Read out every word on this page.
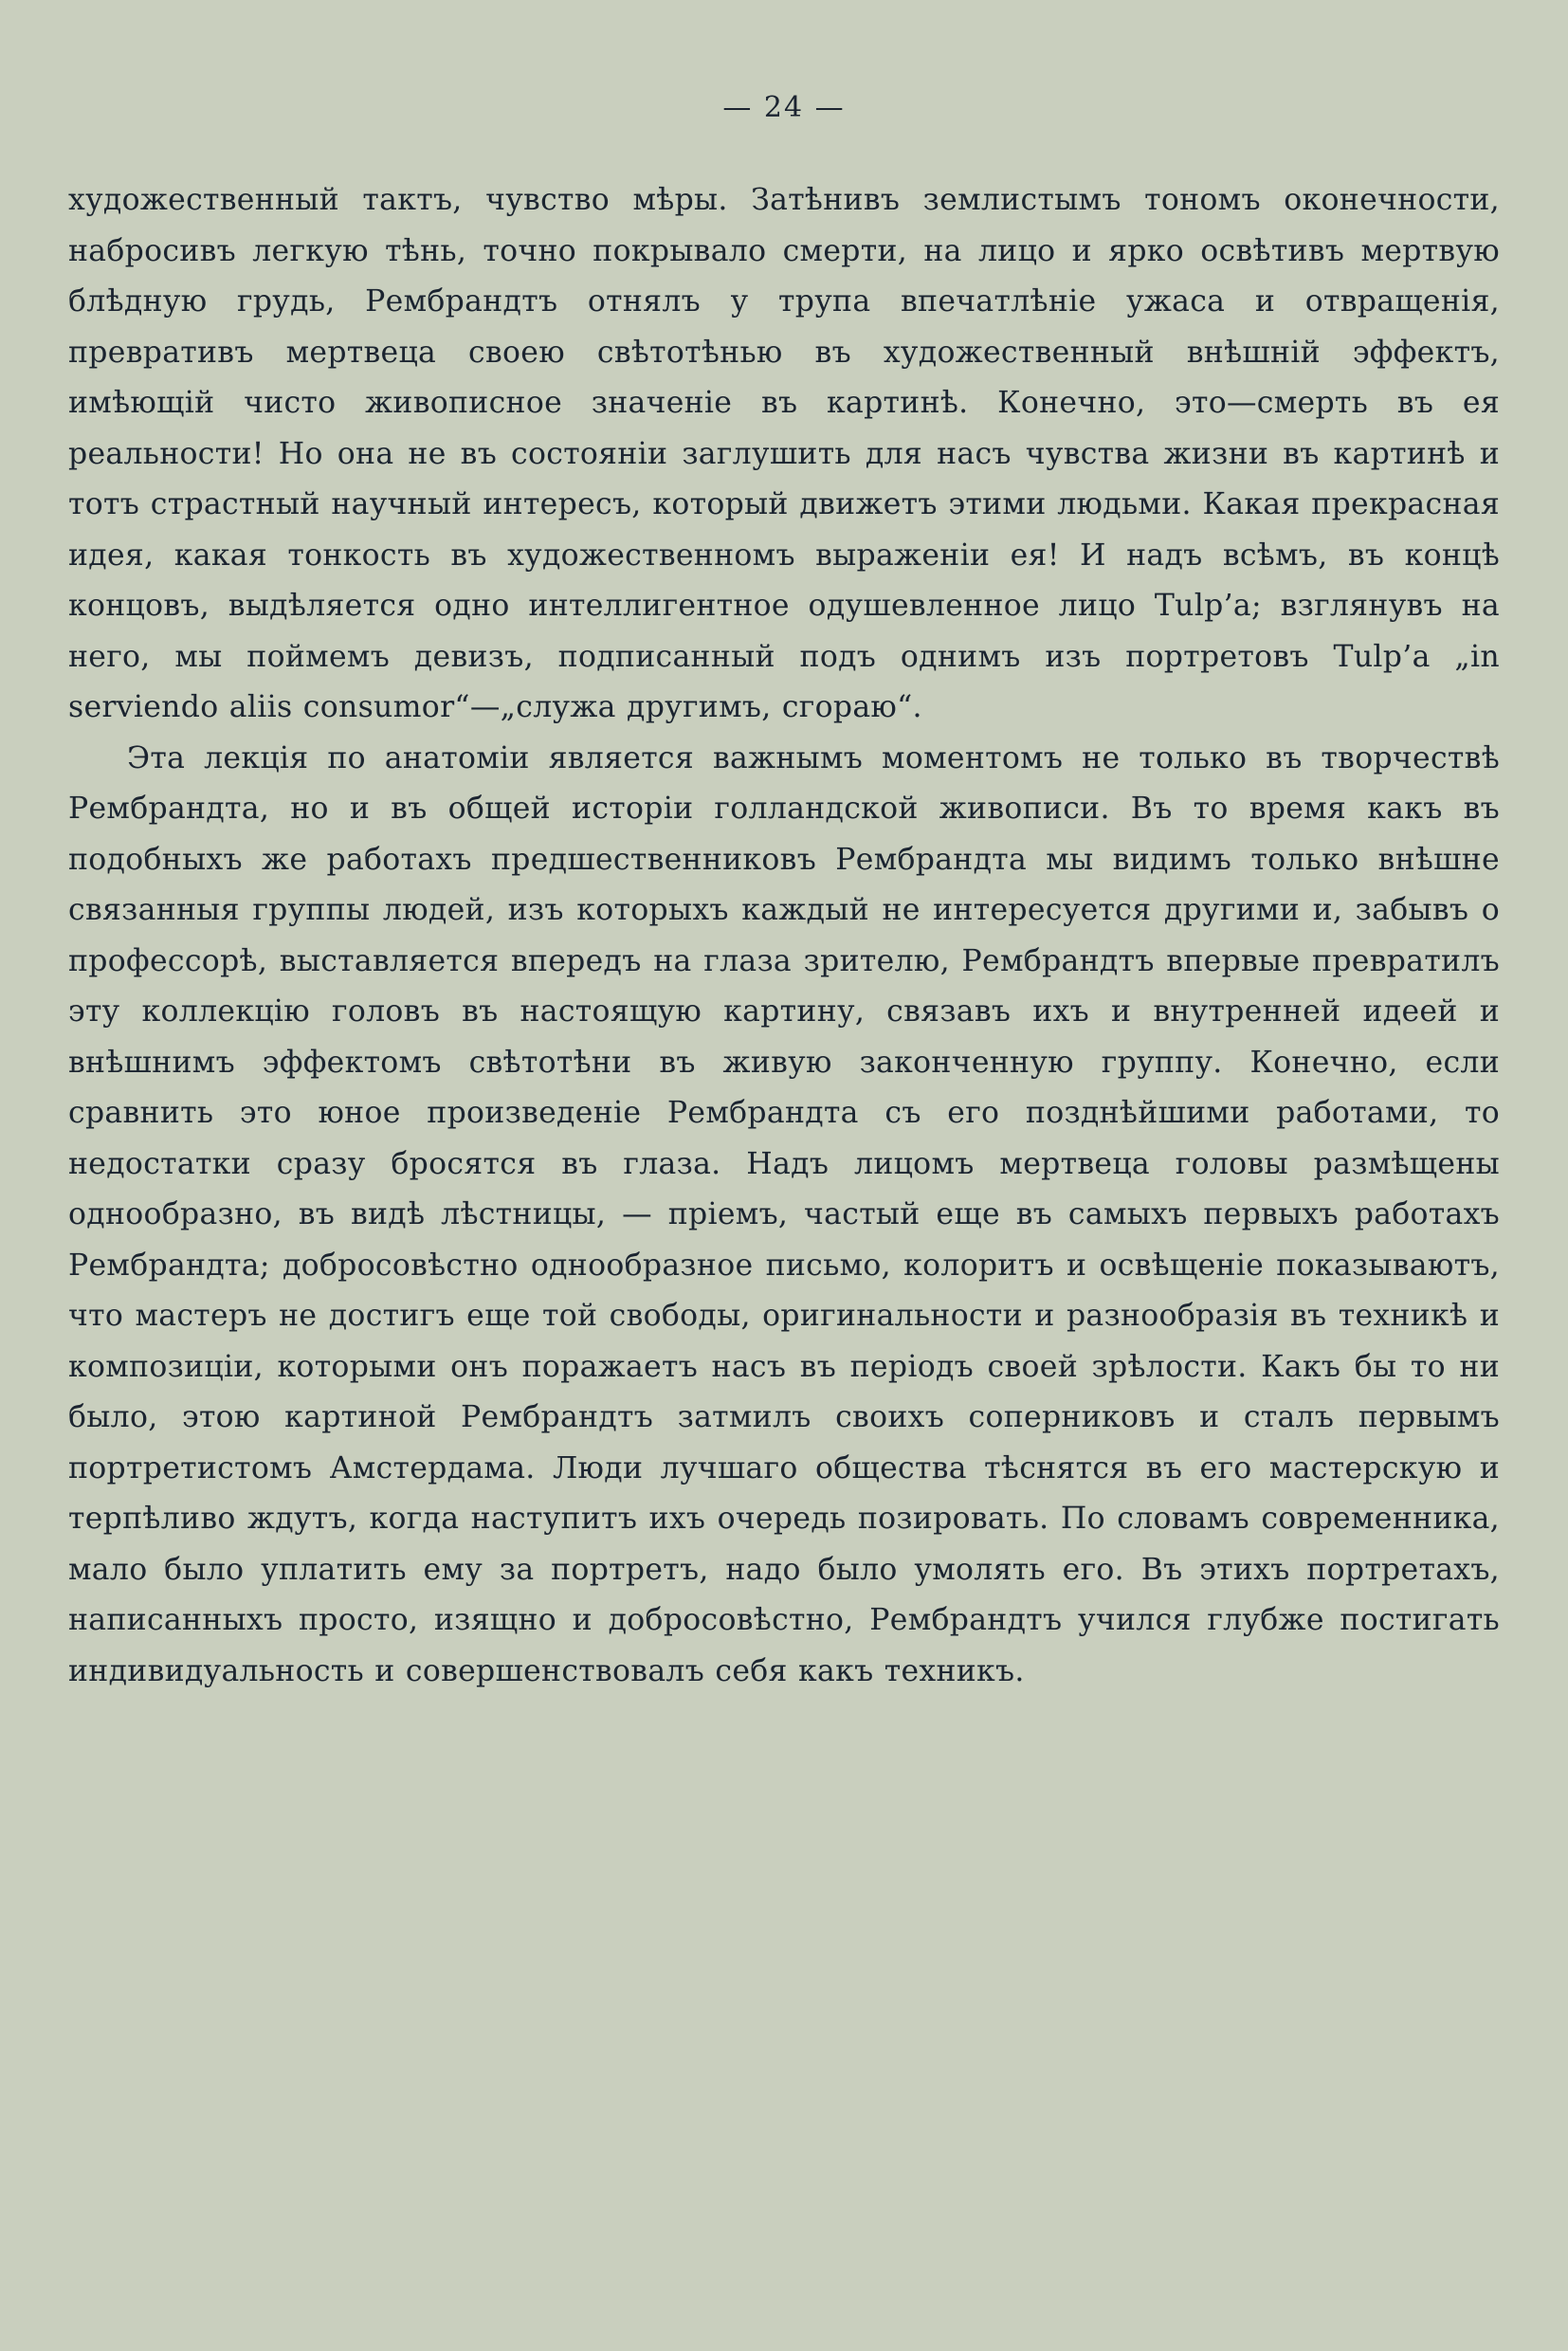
— 24 —

художественный тактъ, чувство мѣры. Затѣнивъ землистымъ тономъ оконечности, набросивъ легкую тѣнь, точно покрывало смерти, на лицо и ярко освѣтивъ мертвую блѣдную грудь, Рембрандтъ отнялъ у трупа впечатлѣніе ужаса и отвращенія, превративъ мертвеца своею свѣтотѣнью въ художественный внѣшній эффектъ, имѣющій чисто живописное значеніе въ картинѣ. Конечно, это—смерть въ ея реальности! Но она не въ состояніи заглушить для насъ чувства жизни въ картинѣ и тотъ страстный научный интересъ, который движетъ этими людьми. Какая прекрасная идея, какая тонкость въ художественномъ выраженіи ея! И надъ всѣмъ, въ концѣ концовъ, выдѣляется одно интеллигентное одушевленное лицо Tulp’a; взглянувъ на него, мы поймемъ девизъ, подписанный подъ однимъ изъ портретовъ Tulp’a „in serviendo aliis consumor“—„служа другимъ, сгораю“.

Эта лекція по анатоміи является важнымъ моментомъ не только въ творчествѣ Рембрандта, но и въ общей исторіи голландской живописи. Въ то время какъ въ подобныхъ же работахъ предшественниковъ Рембрандта мы видимъ только внѣшне связанныя группы людей, изъ которыхъ каждый не интересуется другими и, забывъ о профессорѣ, выставляется впередъ на глаза зрителю, Рембрандтъ впервые превратилъ эту коллекцію головъ въ настоящую картину, связавъ ихъ и внутренней идеей и внѣшнимъ эффектомъ свѣтотѣни въ живую законченную группу. Конечно, если сравнить это юное произведеніе Рембрандта съ его позднѣйшими работами, то недостатки сразу бросятся въ глаза. Надъ лицомъ мертвеца головы размѣщены однообразно, въ видѣ лѣстницы, — пріемъ, частый еще въ самыхъ первыхъ работахъ Рембрандта; добросовѣстно однообразное письмо, колоритъ и освѣщеніе показываютъ, что мастеръ не достигъ еще той свободы, оригинальности и разнообразія въ техникѣ и композиціи, которыми онъ поражаетъ насъ въ періодъ своей зрѣлости. Какъ бы то ни было, этою картиной Рембрандтъ затмилъ своихъ соперниковъ и сталъ первымъ портретистомъ Амстердама. Люди лучшаго общества тѣснятся въ его мастерскую и терпѣливо ждутъ, когда наступитъ ихъ очередь позировать. По словамъ современника, мало было уплатить ему за портретъ, надо было умолять его. Въ этихъ портретахъ, написанныхъ просто, изящно и добросовѣстно, Рембрандтъ учился глубже постигать индивидуальность и совершенствовалъ себя какъ техникъ.
